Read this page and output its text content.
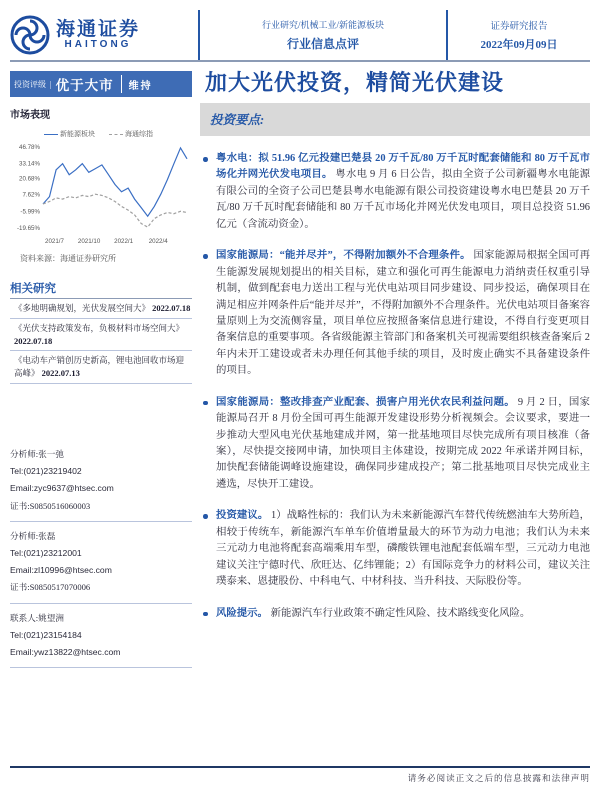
海通证券
HAITONG
行业研究/机械工业/新能源板块
行业信息点评
证券研究报告
2022年09月09日
投资评级 | 优于大市 维持 加大光伏投资，精简光伏建设
市场表现
新能源板块	海通综指
46.78%
33.14%
20.68%
7.62%
-5.99%
-19.65%
2021/7 2021/10 2022/1	2022/4
资料来源：海通证券研究所
相关研究
《多地明确规划，光伏发展空间大》 2022.07.18
《光伏支持政策发布，负极材料市场空间大》 2022.07.18
《电动车产销创历史新高，锂电池回收市场迎高峰》 2022.07.13
分析师:张一弛
Tel:(021)23219402
Email:zyc9637@htsec.com
证书:S0850516060003
分析师:张磊
Tel:(021)23212001
Email:zl10996@htsec.com
证书:S0850517070006
联系人:姚望洲
Tel:(021)23154184
Email:ywz13822@htsec.com
投资要点:
粤水电：拟 51.96 亿元投建巴楚县 20 万千瓦/80 万千瓦时配套储能和 80 万千瓦市场化并网光伏发电项目。 粤水电 9 月 6 日公告，拟由全资子公司新疆粤水电能源有限公司的全资子公司巴楚县粤水电能源有限公司投资建设粤水电巴楚县 20 万千瓦/80 万千瓦时配套储能和 80 万千瓦市场化并网光伏发电项目，项目总投资 51.96 亿元（含流动资金）。
国家能源局：“能并尽并”，不得附加额外不合理条件。 国家能源局根据全国可再生能源发展规划提出的相关目标，建立和强化可再生能源电力消纳责任权重引导机制，做到配套电力送出工程与光伏电站项目同步建设、同步投运，确保项目在满足相应并网条件后“能并尽并”，不得附加额外不合理条件。光伏电站项目备案容量原则上为交流侧容量，项目单位应按照备案信息进行建设，不得自行变更项目备案信息的重要事项。各省级能源主管部门和备案机关可视需要组织核查备案后 2 年内未开工建设或者未办理任何其他手续的项目，及时废止确实不具备建设条件的项目。
国家能源局：整改排查产业配套、损害户用光伏农民利益问题。 9 月 2 日，国家能源局召开 8 月份全国可再生能源开发建设形势分析视频会。会议要求，要进一步推动大型风电光伏基地建成并网，第一批基地项目尽快完成所有项目核准（备案），尽快提交接网申请，加快项目主体建设，按期完成 2022 年承诺并网目标，加快配套储能调峰设施建设，确保同步建成投产；第二批基地项目尽快完成业主遴选，尽快开工建设。
投资建议。 1）战略性标的：我们认为未来新能源汽车替代传统燃油车大势所趋，相较于传统车，新能源汽车单车价值增量最大的环节为动力电池；我们认为未来三元动力电池将配套高端乘用车型，磷酸铁锂电池配套低端车型，三元动力电池建议关注宁德时代、欣旺达、亿纬锂能；2）有国际竞争力的材料公司，建议关注璞泰来、恩捷股份、中科电气、中材科技、当升科技、天际股份等。
风险提示。 新能源汽车行业政策不确定性风险、技术路线变化风险。
请务必阅读正文之后的信息披露和法律声明
